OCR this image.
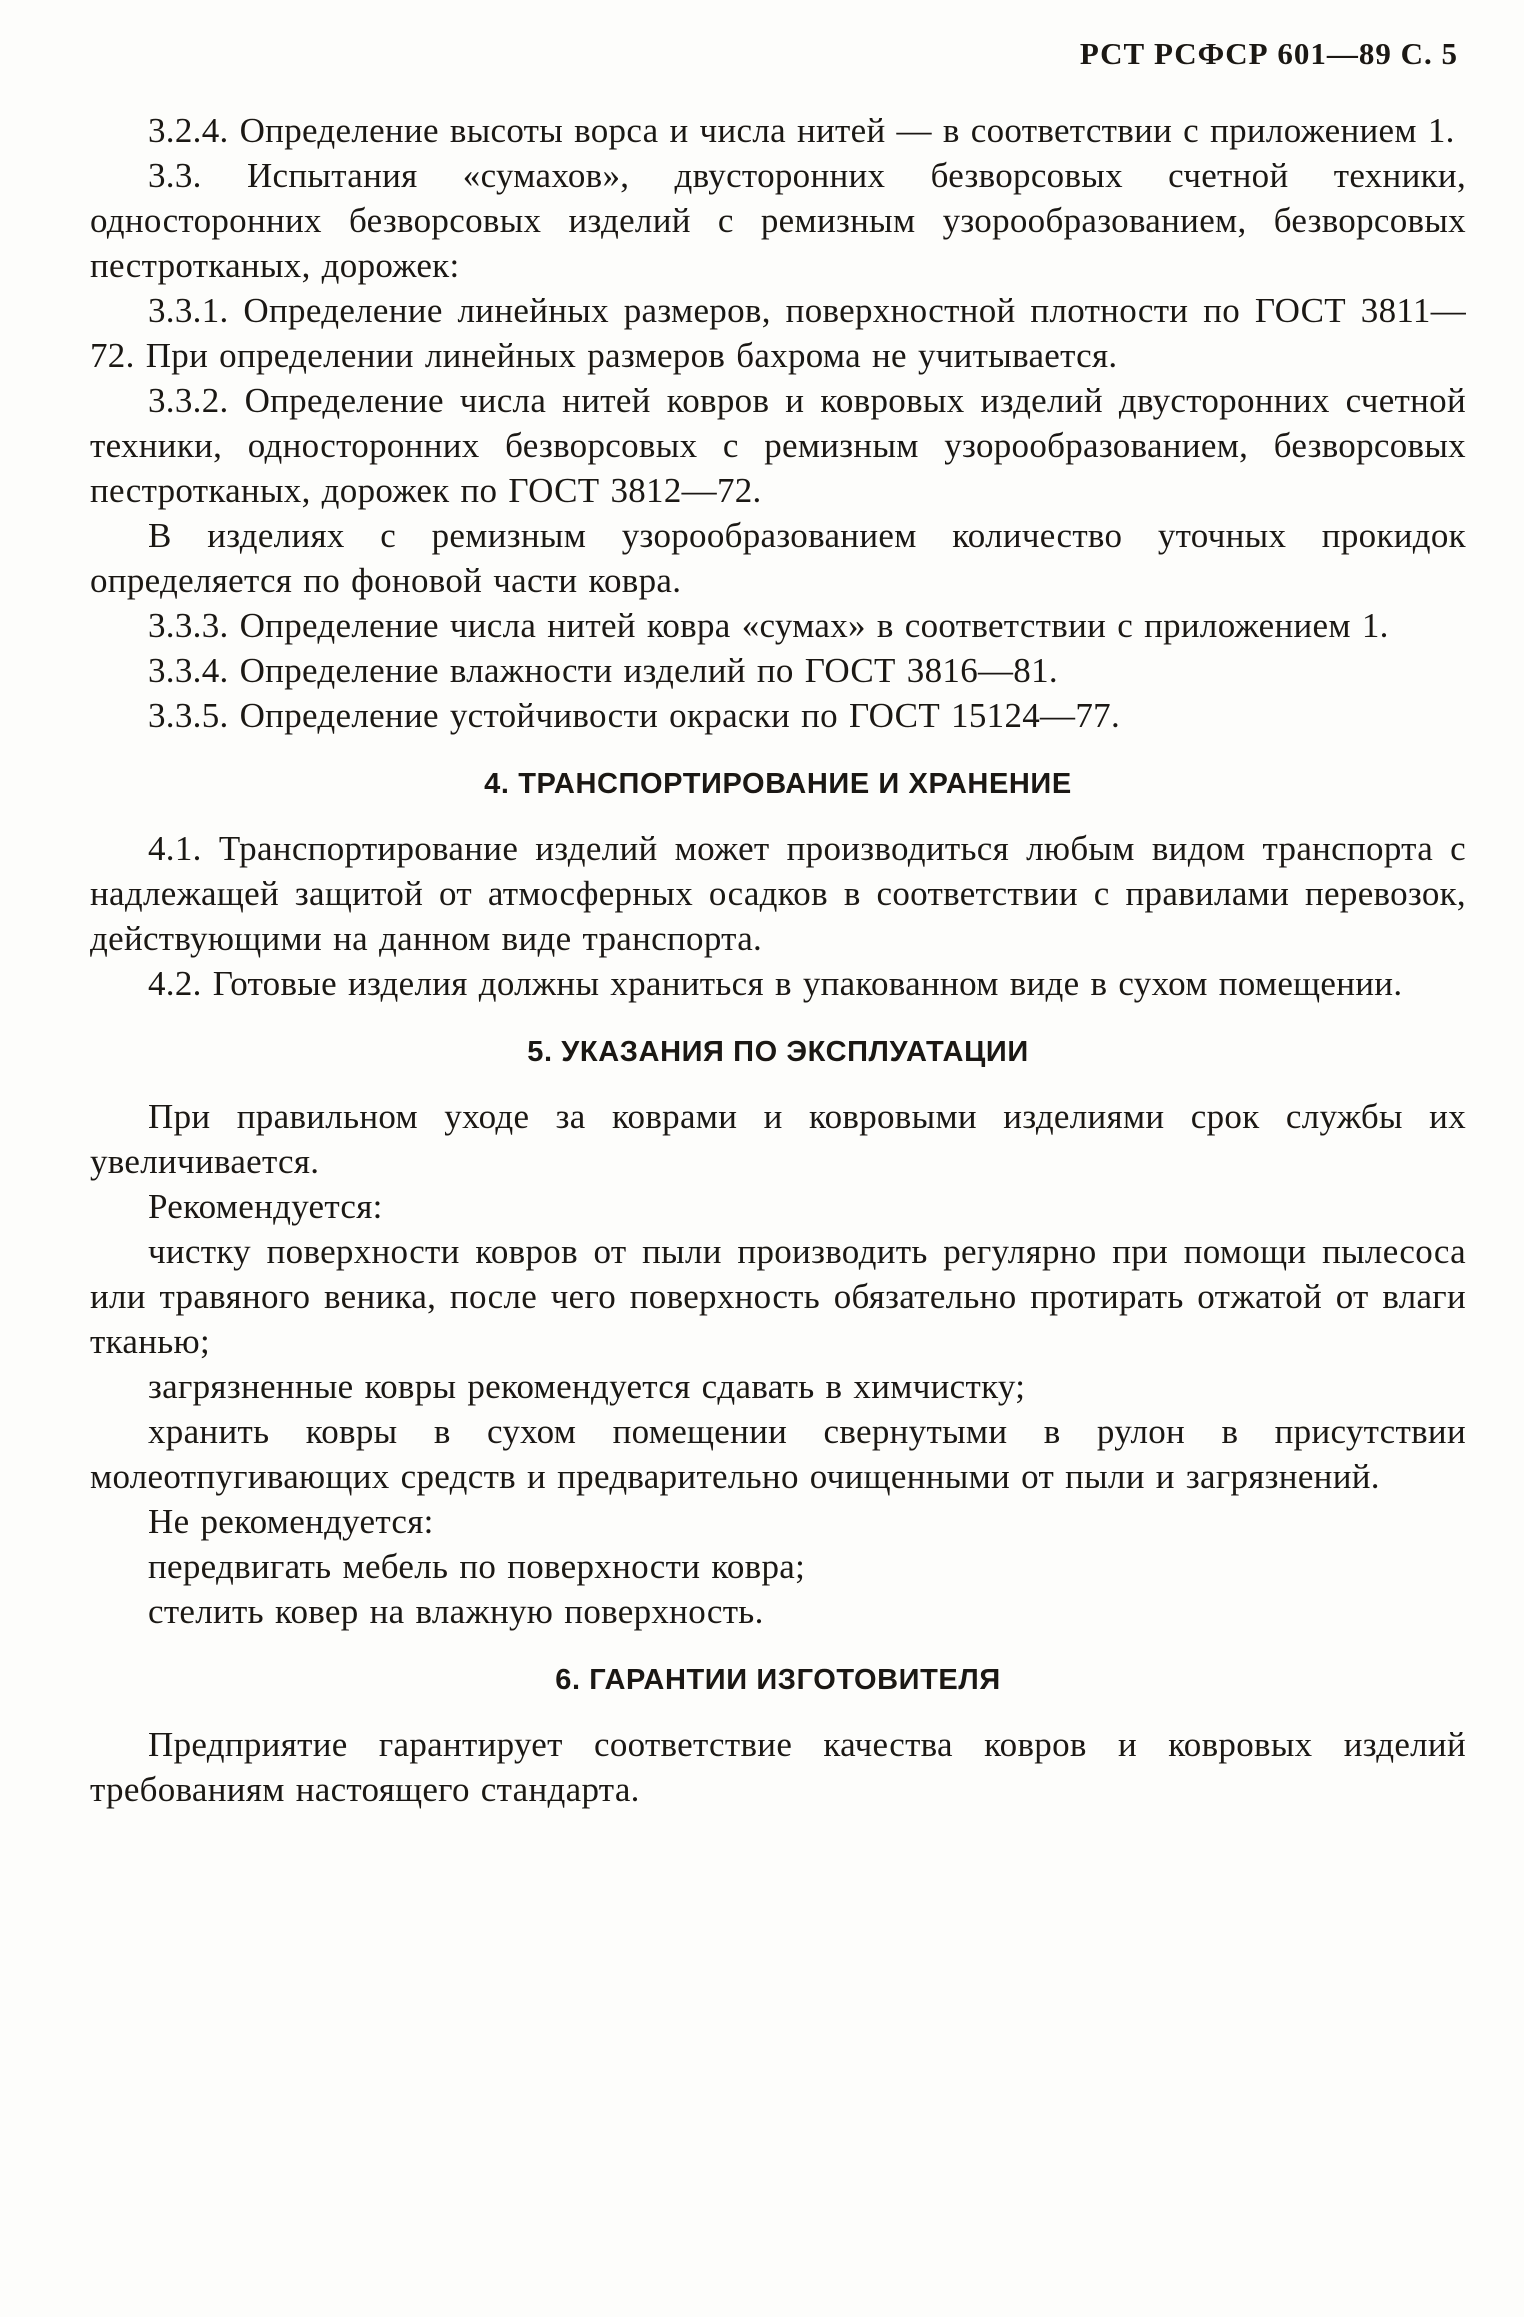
РСТ РСФСР 601—89 С. 5

3.2.4. Определение высоты ворса и числа нитей — в соответствии с приложением 1.

3.3. Испытания «сумахов», двусторонних безворсовых счетной техники, односторонних безворсовых изделий с ремизным узорообразованием, безворсовых пестротканых, дорожек:

3.3.1. Определение линейных размеров, поверхностной плотности по ГОСТ 3811—72. При определении линейных размеров бахрома не учитывается.

3.3.2. Определение числа нитей ковров и ковровых изделий двусторонних счетной техники, односторонних безворсовых с ремизным узорообразованием, безворсовых пестротканых, дорожек по ГОСТ 3812—72.

В изделиях с ремизным узорообразованием количество уточных прокидок определяется по фоновой части ковра.

3.3.3. Определение числа нитей ковра «сумах» в соответствии с приложением 1.

3.3.4. Определение влажности изделий по ГОСТ 3816—81.

3.3.5. Определение устойчивости окраски по ГОСТ 15124—77.

4. ТРАНСПОРТИРОВАНИЕ И ХРАНЕНИЕ

4.1. Транспортирование изделий может производиться любым видом транспорта с надлежащей защитой от атмосферных осадков в соответствии с правилами перевозок, действующими на данном виде транспорта.

4.2. Готовые изделия должны храниться в упакованном виде в сухом помещении.

5. УКАЗАНИЯ ПО ЭКСПЛУАТАЦИИ

При правильном уходе за коврами и ковровыми изделиями срок службы их увеличивается.

Рекомендуется:

чистку поверхности ковров от пыли производить регулярно при помощи пылесоса или травяного веника, после чего поверхность обязательно протирать отжатой от влаги тканью;

загрязненные ковры рекомендуется сдавать в химчистку;

хранить ковры в сухом помещении свернутыми в рулон в присутствии молеотпугивающих средств и предварительно очищенными от пыли и загрязнений.

Не рекомендуется:

передвигать мебель по поверхности ковра;

стелить ковер на влажную поверхность.

6. ГАРАНТИИ ИЗГОТОВИТЕЛЯ

Предприятие гарантирует соответствие качества ковров и ковровых изделий требованиям настоящего стандарта.
